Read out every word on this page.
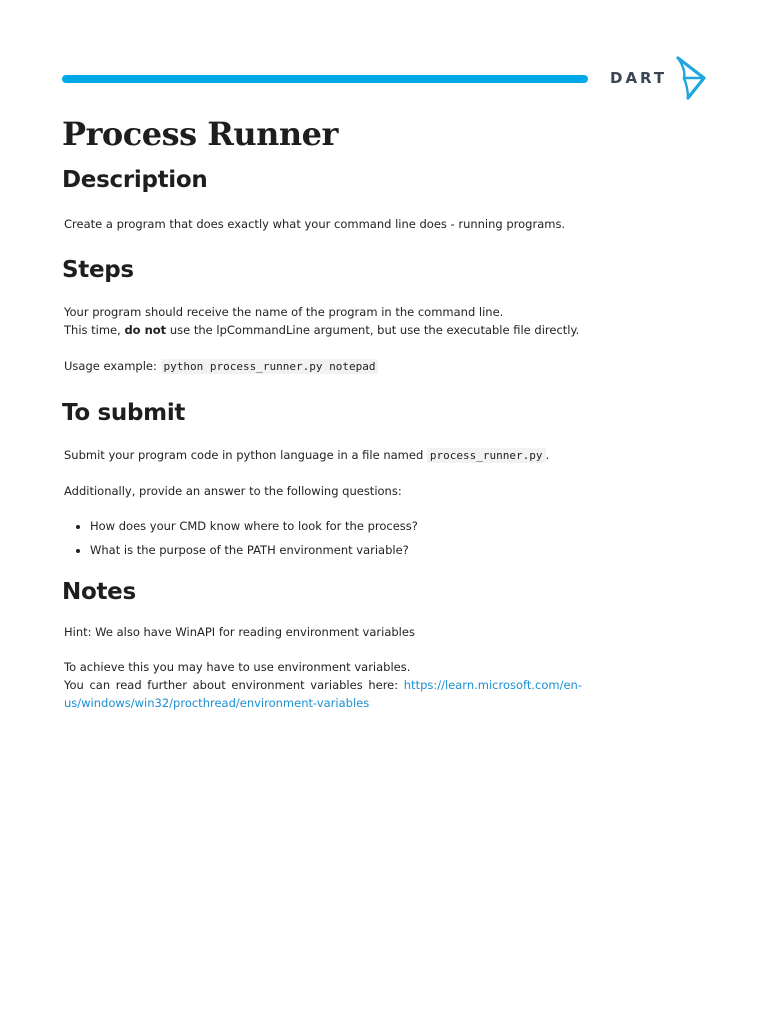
DART
Process Runner
Description

Create a program that does exactly what your command line does - running programs.

Steps

Your program should receive the name of the program in the command line.

This time, do not use the lpCommandLine argument, but use the executable file directly.

Usage example: python process_runner.py notepad

To submit

Submit your program code in python language in a file named process_runner.py .

Additionally, provide an answer to the following questions:

• How does your CMD know where to look for the process?
• What is the purpose of the PATH environment variable?
Notes

Hint: We also have WinAPI for reading environment variables

To achieve this you may have to use environment variables.

You can read further about environment variables here: https://learn.microsoft.com/en-us/windows/win32/procthread/environment-variables
